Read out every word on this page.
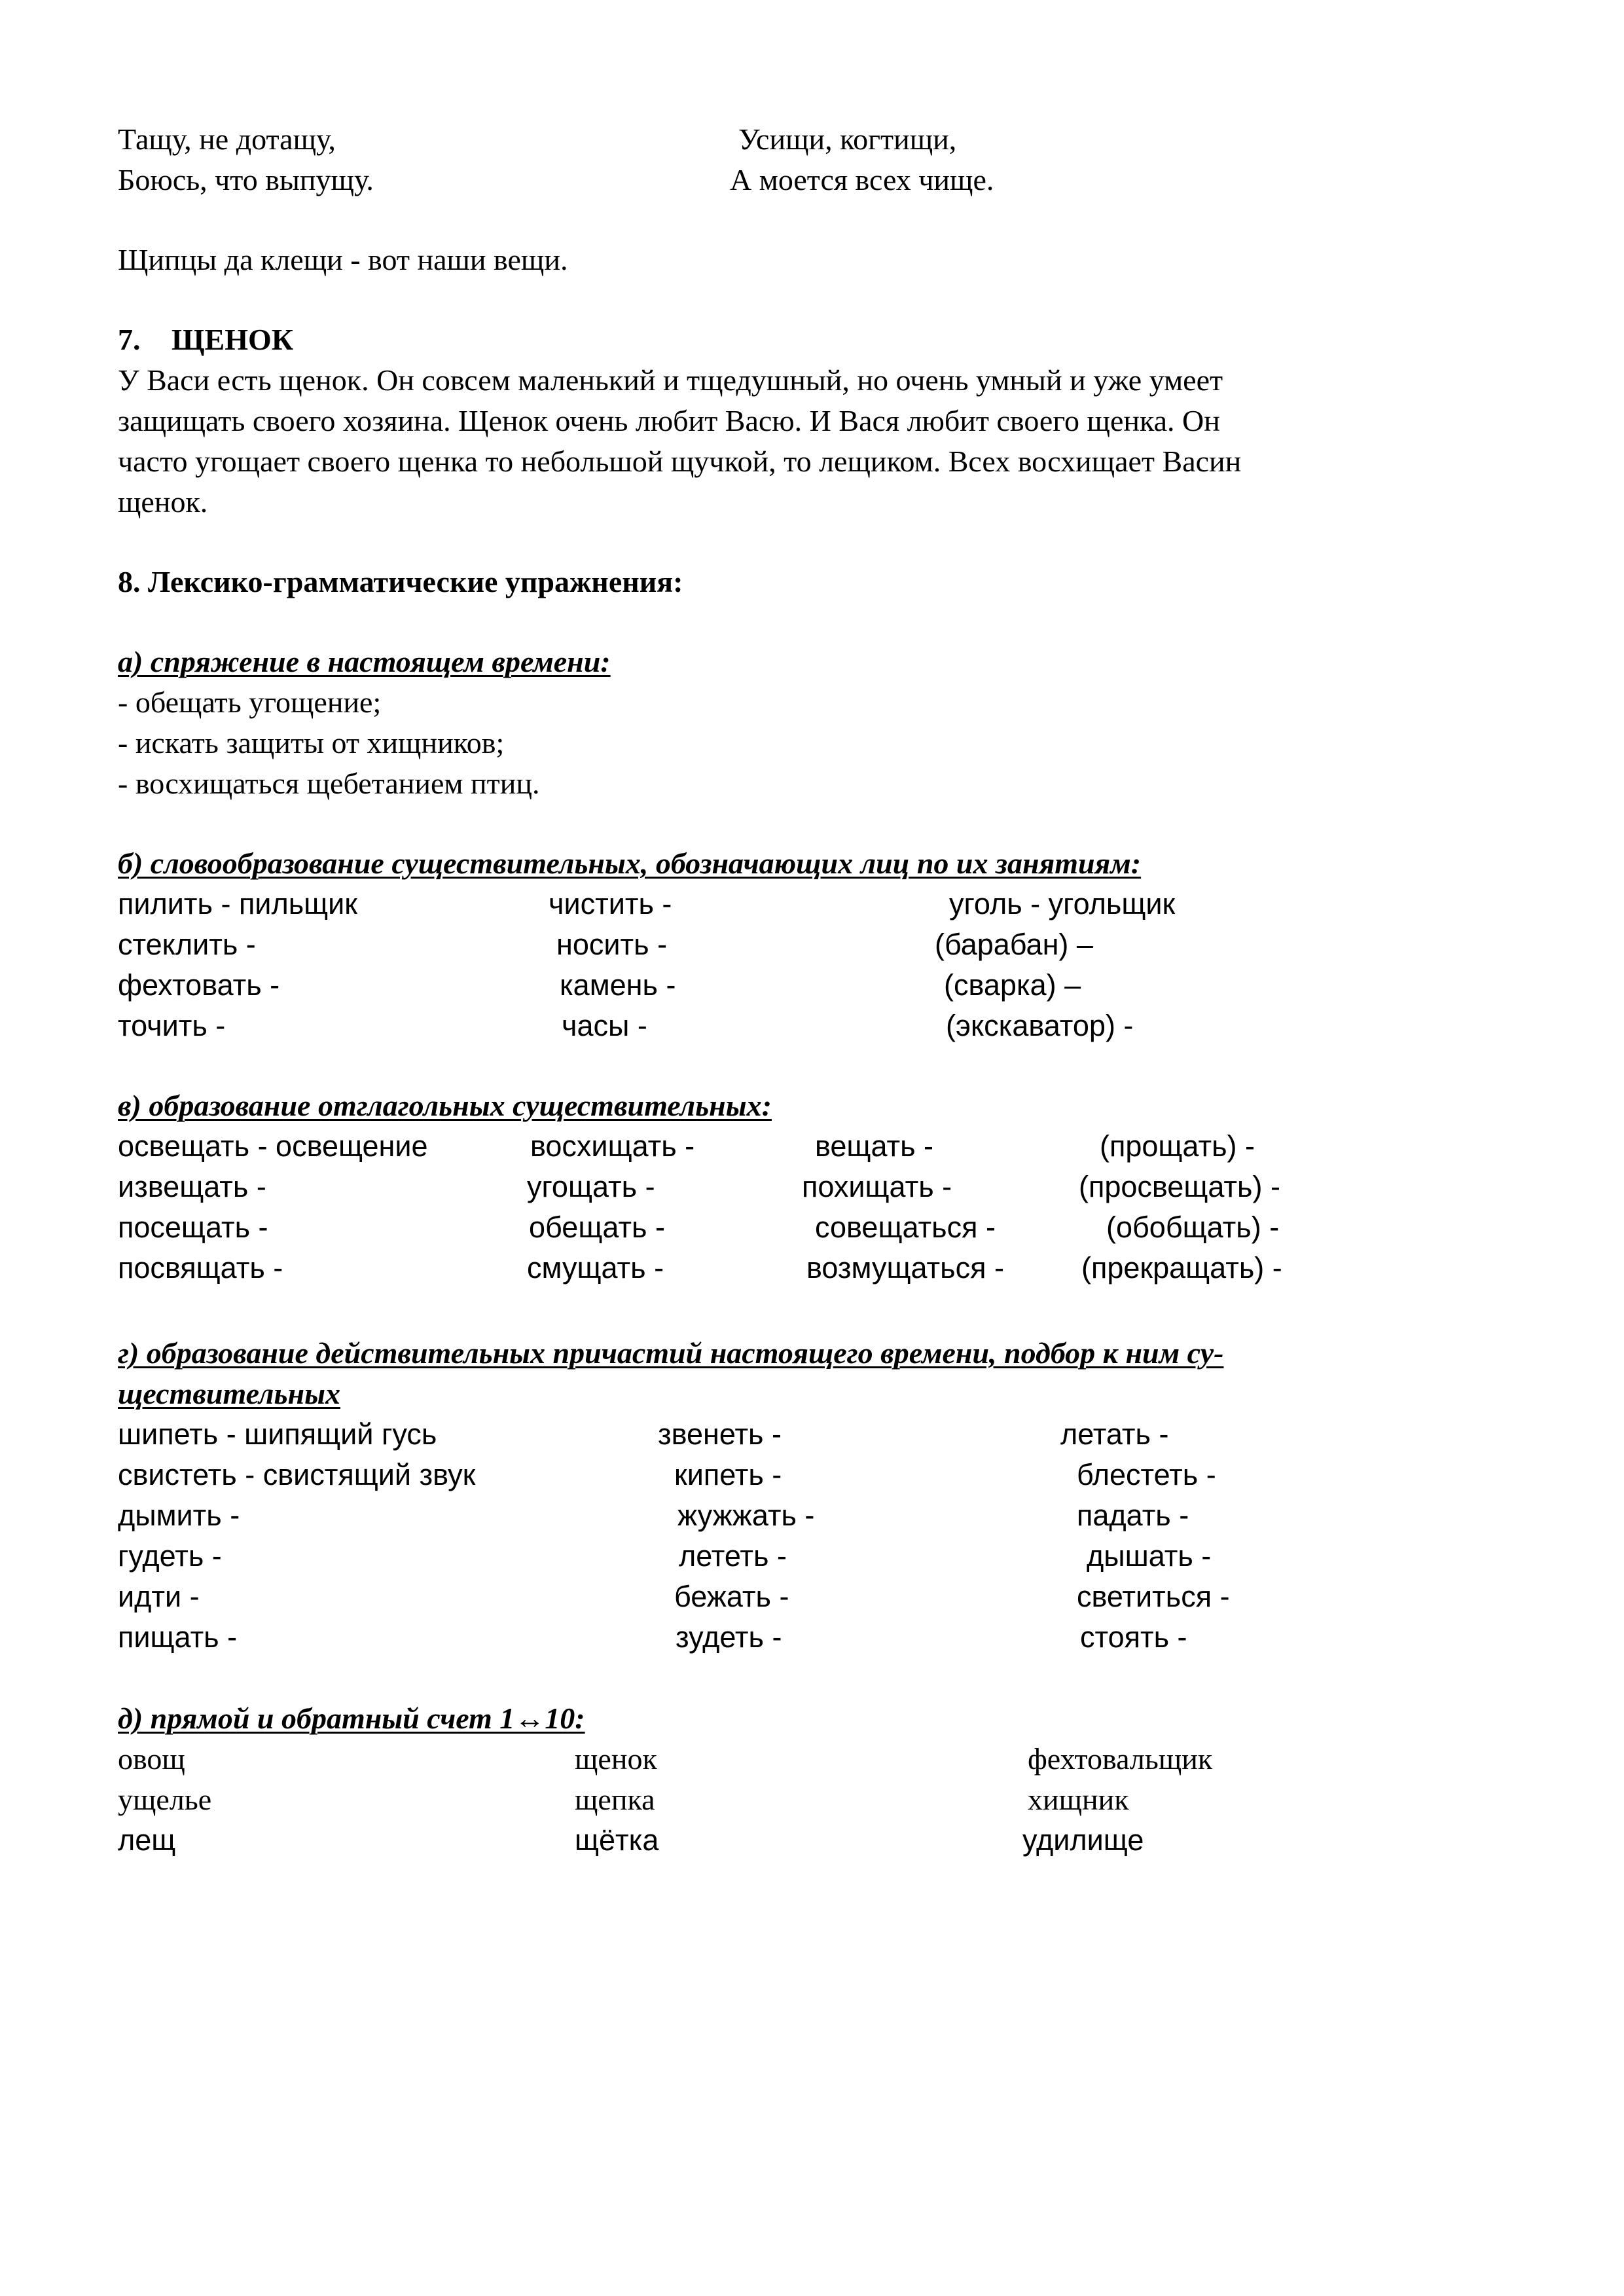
Тащу, не дотащу,
Боюсь, что выпущу.
Усищи, когтищи,
А моется всех чище.
Щипцы да клещи - вот наши вещи.
7. ЩЕНОК
У Васи есть щенок. Он совсем маленький и тщедушный, но очень умный и уже умеет
защищать своего хозяина. Щенок очень любит Васю. И Вася любит своего щенка. Он
часто угощает своего щенка то небольшой щучкой, то лещиком. Всех восхищает Васин
щенок.
8. Лексико-грамматические упражнения:
а) спряжение в настоящем времени:
- обещать угощение;
- искать защиты от хищников;
- восхищаться щебетанием птиц.
б) словообразование существительных, обозначающих лиц по их занятиям:
пилить - пильщик	чистить -	уголь - угольщик
стеклить -	носить -	(барабан) –
фехтовать -	камень -	(сварка) –
точить -	часы -	(экскаватор) -
в) образование отглагольных существительных:
освещать - освещение	восхищать -	вещать -	(прощать) -
извещать -	угощать -	похищать -	(просвещать) -
посещать -	обещать -	совещаться -	(обобщать) -
посвящать -	смущать -	возмущаться -	(прекращать) -
г) образование действительных причастий настоящего времени, подбор к ним су-
ществительных
шипеть - шипящий гусь	звенеть -	летать -
свистеть - свистящий звук	кипеть -	блестеть -
дымить -	жужжать -	падать -
гудеть -	лететь -	дышать -
идти -	бежать -	светиться -
пищать -	зудеть -	стоять -
д) прямой и обратный счет 1↔10:
овощ	щенок	фехтовальщик
ущелье	щепка	хищник
лещ	щётка	удилище
